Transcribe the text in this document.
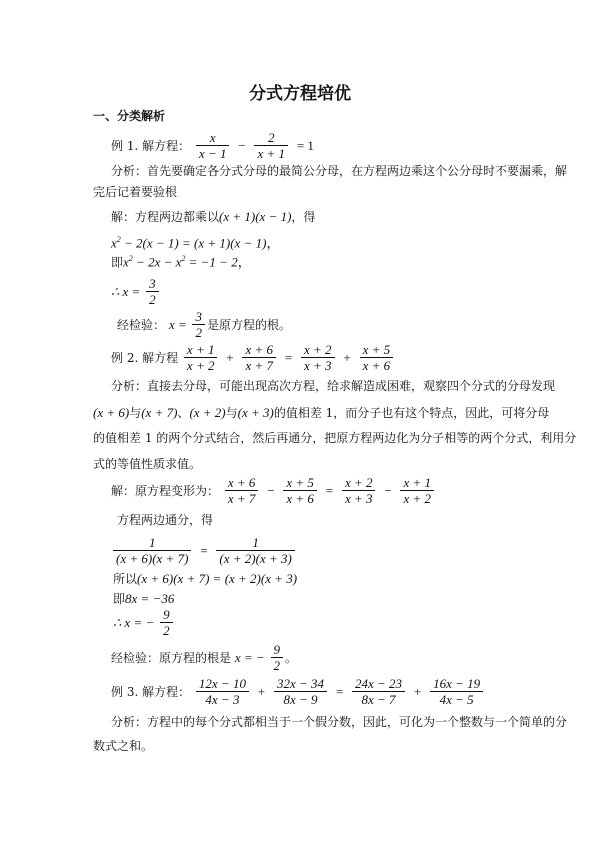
分式方程培优
一、分类解析
例 1. 解方程： $\frac{x}{x - 1} - \frac{2}{x + 1} = 1$
分析：首先要确定各分式分母的最简公分母，在方程两边乘这个公分母时不要漏乘，解
完后记着要验根
解：方程两边都乘以(x + 1)(x − 1)，得
$x^2 - 2(x - 1) = (x + 1)(x - 1)$，
即$x^2 - 2x - x^2 = -1 - 2$，
∴ $x = \frac{3}{2}$
经检验： $x = \frac{3}{2}$ 是原方程的根。
例 2. 解方程 $\frac{x + 1}{x + 2} + \frac{x + 6}{x + 7} = \frac{x + 2}{x + 3} + \frac{x + 5}{x + 6}$
分析：直接去分母，可能出现高次方程，给求解造成困难，观察四个分式的分母发现
(x + 6)与(x + 7)、(x + 2)与(x + 3)的值相差 1，而分子也有这个特点，因此，可将分母
的值相差 1 的两个分式结合，然后再通分，把原方程两边化为分子相等的两个分式，利用分
式的等值性质求值。
解：原方程变形为： $\frac{x + 6}{x + 7} - \frac{x + 5}{x + 6} = \frac{x + 2}{x + 3} - \frac{x + 1}{x + 2}$
方程两边通分，得
$\frac{1}{(x + 6)(x + 7)} = \frac{1}{(x + 2)(x + 3)}$
所以(x + 6)(x + 7) = (x + 2)(x + 3)
即8x = −36
∴ x = − $\frac{9}{2}$
经检验：原方程的根是 x = − $\frac{9}{2}$ 。
例 3. 解方程： $\frac{12x - 10}{4x - 3} + \frac{32x - 34}{8x - 9} = \frac{24x - 23}{8x - 7} + \frac{16x - 19}{4x - 5}$
分析：方程中的每个分式都相当于一个假分数，因此，可化为一个整数与一个简单的分
数式之和。
